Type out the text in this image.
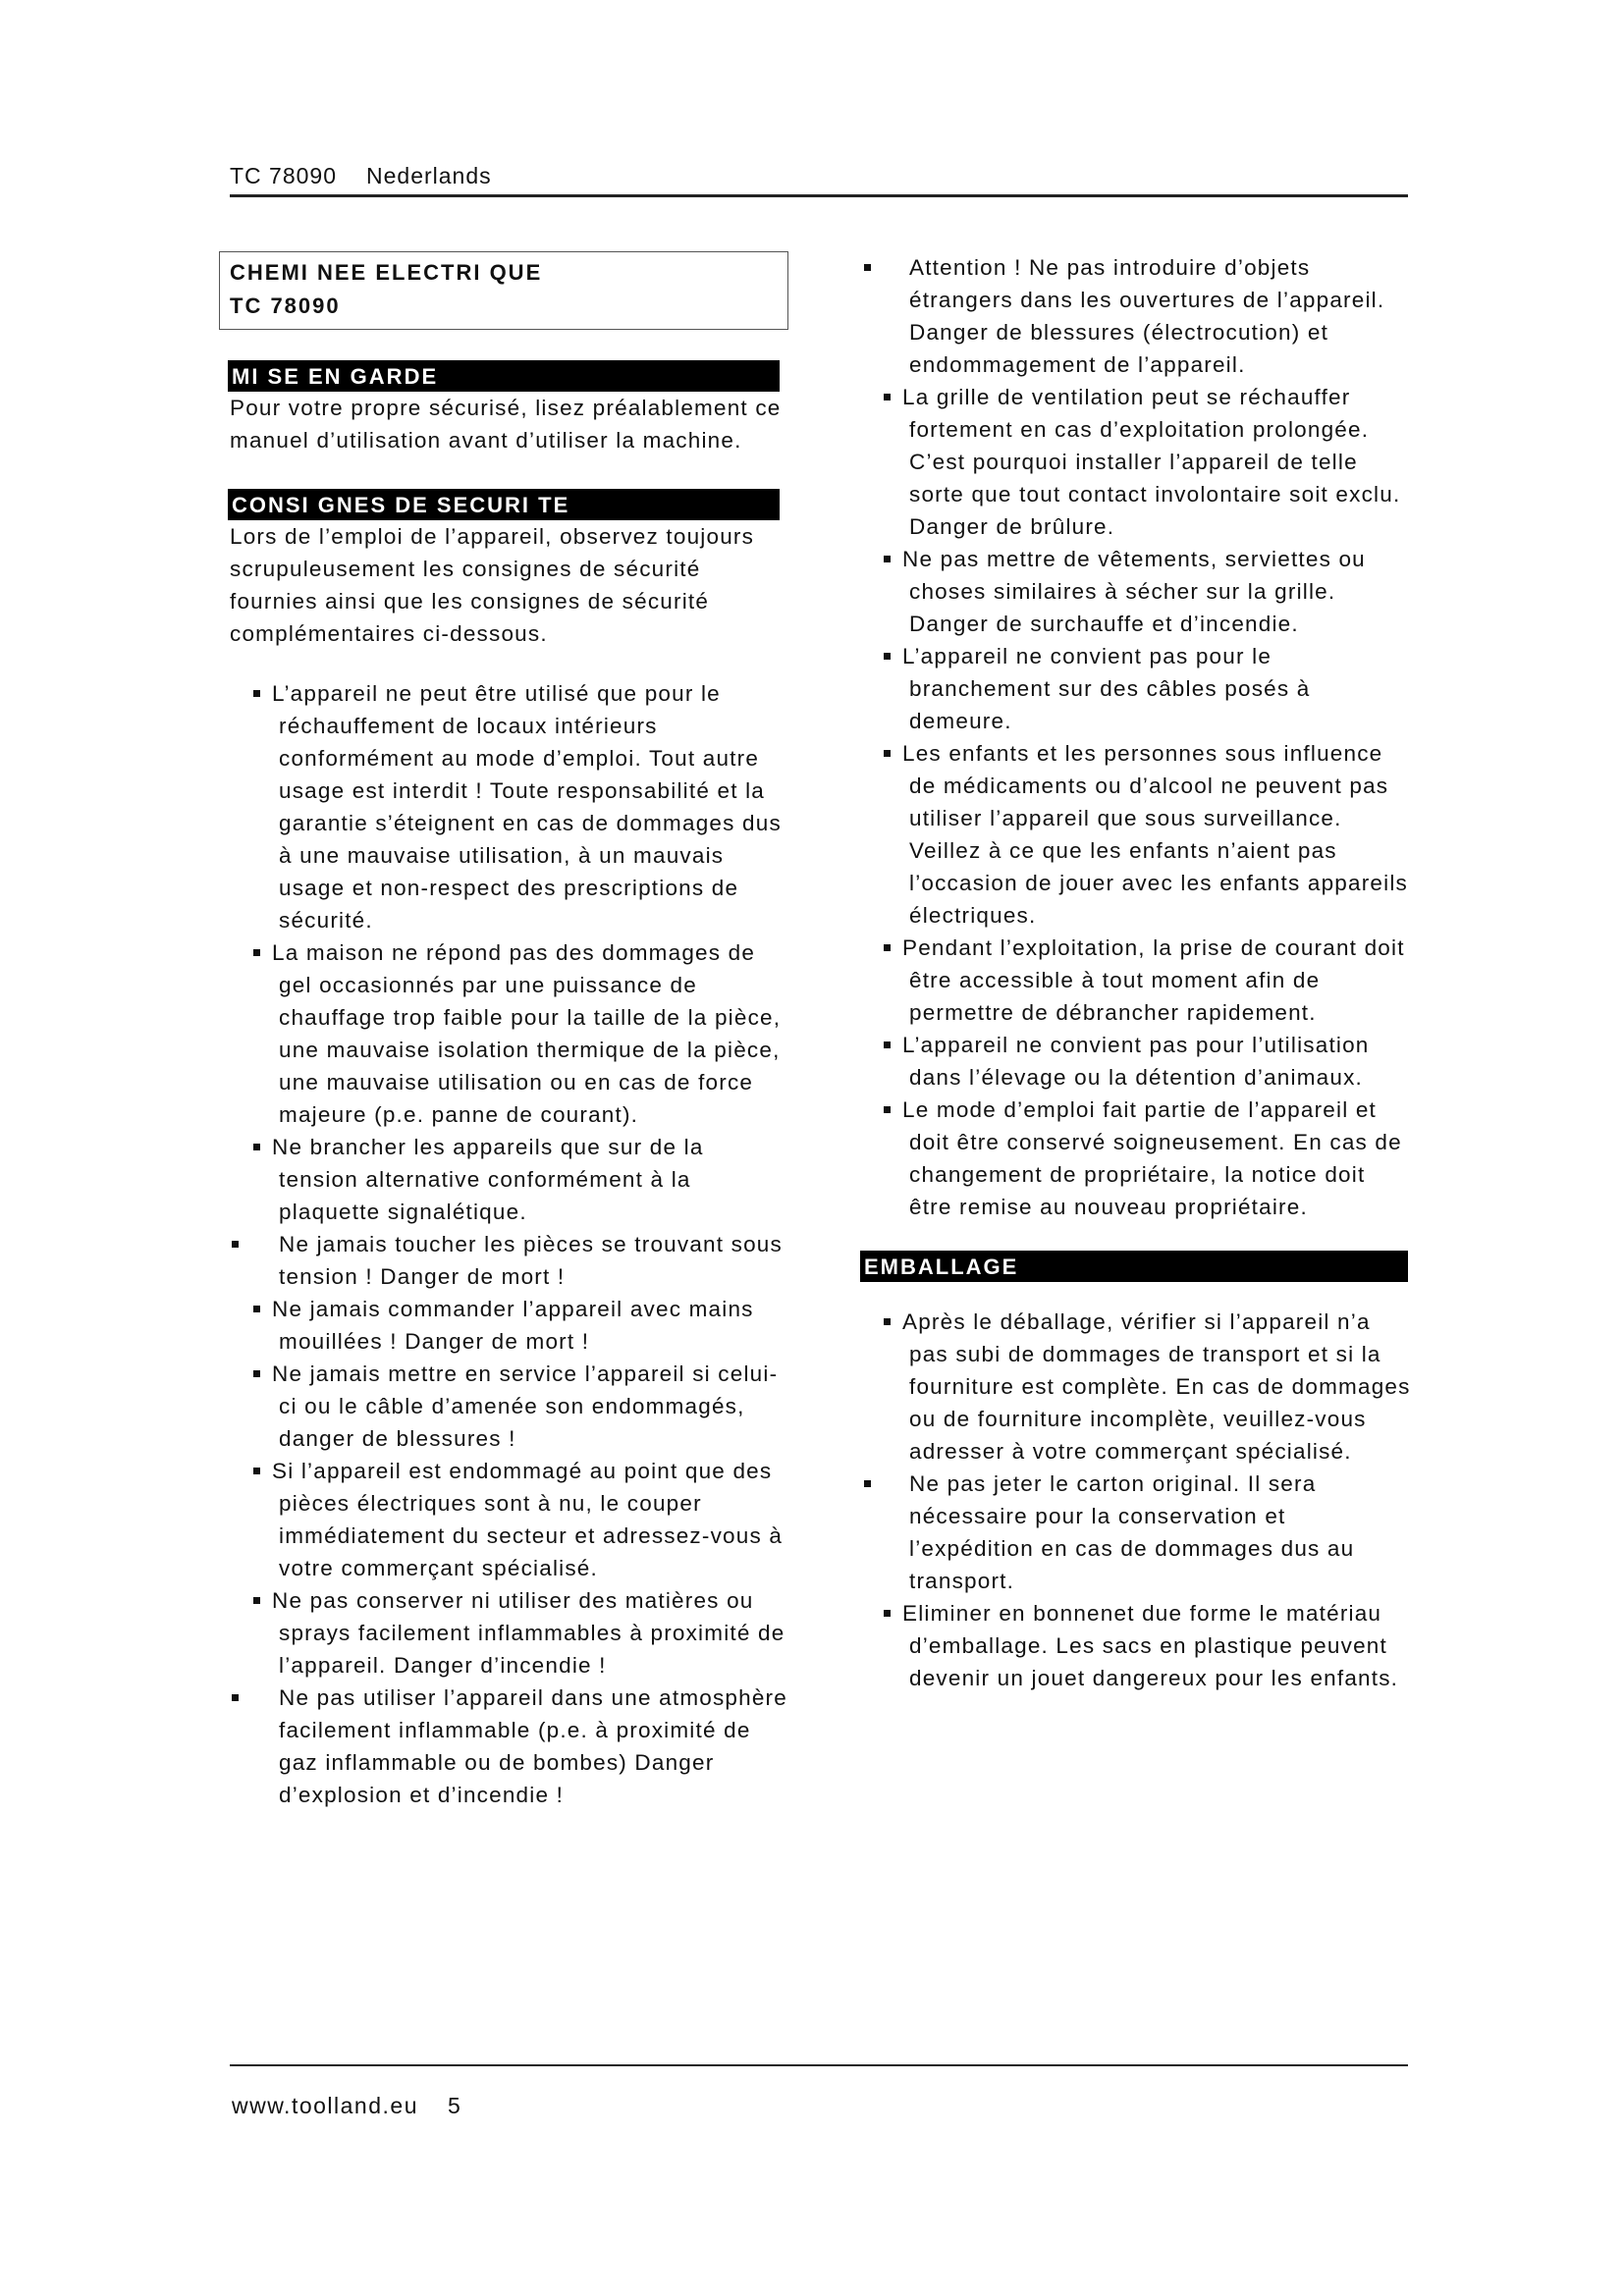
TC 78090 Nederlands
CHEMI NEE ELECTRI QUE
TC 78090
MI SE EN GARDE

Pour votre propre sécurisé, lisez préalablement ce manuel d’utilisation avant d’utiliser la machine.

CONSI GNES DE SECURI TE

Lors de l’emploi de l’appareil, observez toujours scrupuleusement les consignes de sécurité fournies ainsi que les consignes de sécurité complémentaires ci-dessous.

L’appareil ne peut être utilisé que pour le réchauffement de locaux intérieurs conformément au mode d’emploi. Tout autre usage est interdit ! Toute responsabilité et la garantie s’éteignent en cas de dommages dus à une mauvaise utilisation, à un mauvais usage et non-respect des prescriptions de sécurité.
La maison ne répond pas des dommages de gel occasionnés par une puissance de chauffage trop faible pour la taille de la pièce, une mauvaise isolation thermique de la pièce, une mauvaise utilisation ou en cas de force majeure (p.e. panne de courant).
Ne brancher les appareils que sur de la tension alternative conformément à la plaquette signalétique.
Ne jamais toucher les pièces se trouvant sous tension ! Danger de mort !
Ne jamais commander l’appareil avec mains mouillées ! Danger de mort !
Ne jamais mettre en service l’appareil si celui-ci ou le câble d’amenée son endommagés, danger de blessures !
Si l’appareil est endommagé au point que des pièces électriques sont à nu, le couper immédiatement du secteur et adressez-vous à votre commerçant spécialisé.
Ne pas conserver ni utiliser des matières ou sprays facilement inflammables à proximité de l’appareil. Danger d’incendie !
Ne pas utiliser l’appareil dans une atmosphère facilement inflammable (p.e. à proximité de gaz inflammable ou de bombes) Danger d’explosion et d’incendie !
Attention ! Ne pas introduire d’objets étrangers dans les ouvertures de l’appareil. Danger de blessures (électrocution) et endommagement de l’appareil.
La grille de ventilation peut se réchauffer fortement en cas d’exploitation prolongée. C’est pourquoi installer l’appareil de telle sorte que tout contact involontaire soit exclu. Danger de brûlure.
Ne pas mettre de vêtements, serviettes ou choses similaires à sécher sur la grille. Danger de surchauffe et d’incendie.
L’appareil ne convient pas pour le branchement sur des câbles posés à demeure.
Les enfants et les personnes sous influence de médicaments ou d’alcool ne peuvent pas utiliser l’appareil que sous surveillance. Veillez à ce que les enfants n’aient pas l’occasion de jouer avec les enfants appareils électriques.
Pendant l’exploitation, la prise de courant doit être accessible à tout moment afin de permettre de débrancher rapidement.
L’appareil ne convient pas pour l’utilisation dans l’élevage ou la détention d’animaux.
Le mode d’emploi fait partie de l’appareil et doit être conservé soigneusement. En cas de changement de propriétaire, la notice doit être remise au nouveau propriétaire.
EMBALLAGE
Après le déballage, vérifier si l’appareil n’a pas subi de dommages de transport et si la fourniture est complète. En cas de dommages ou de fourniture incomplète, veuillez-vous adresser à votre commerçant spécialisé.
Ne pas jeter le carton original. Il sera nécessaire pour la conservation et l’expédition en cas de dommages dus au transport.
Eliminer en bonnenet due forme le matériau d’emballage. Les sacs en plastique peuvent devenir un jouet dangereux pour les enfants.
www.toolland.eu 5
